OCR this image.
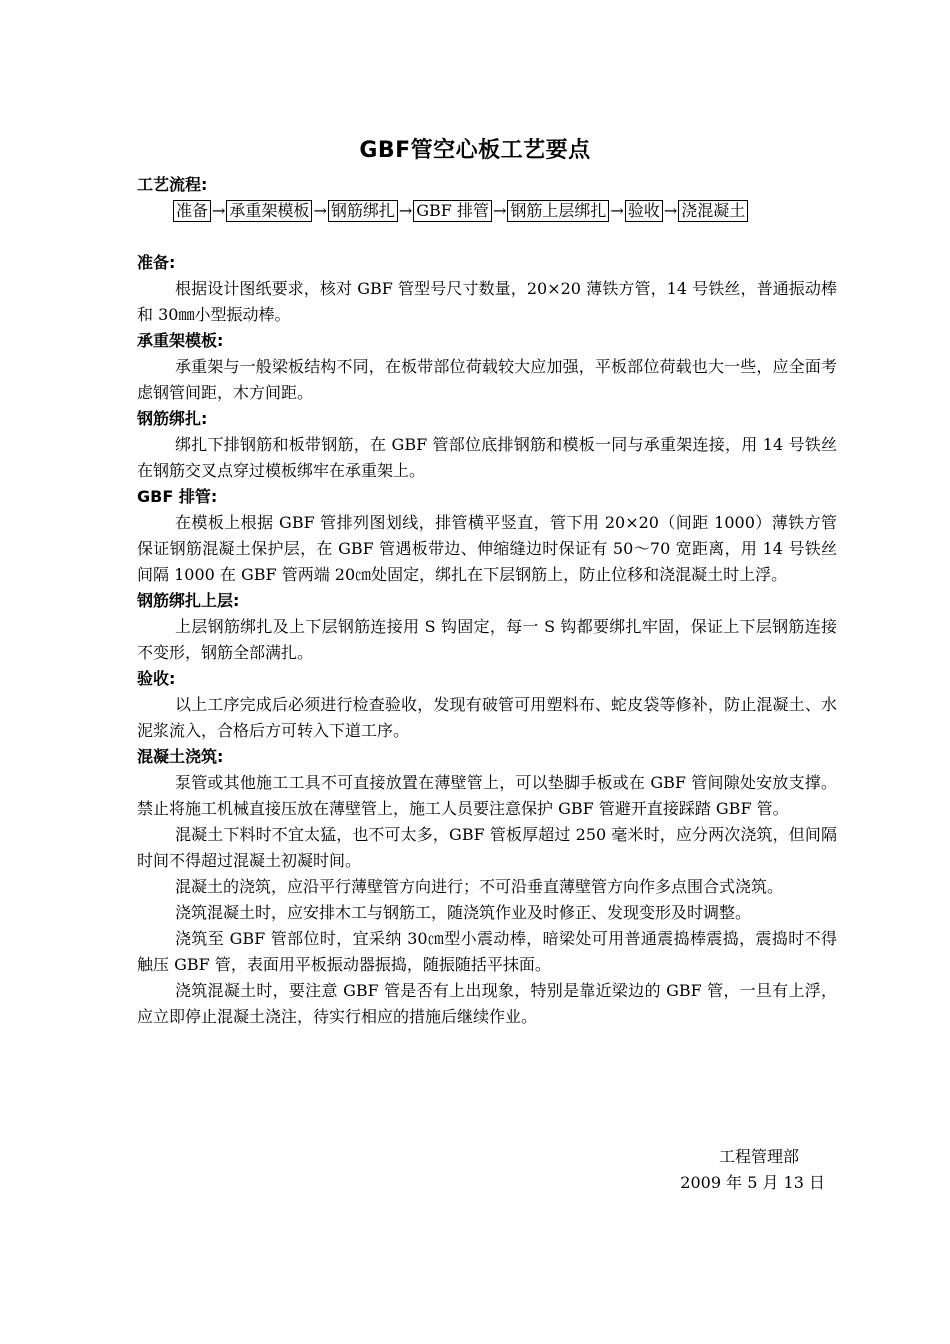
GBF管空心板工艺要点
工艺流程:
准备 → 承重架模板 → 钢筋绑扎 → GBF 排管 → 钢筋上层绑扎 → 验收 → 浇混凝土
准备:

根据设计图纸要求，核对 GBF 管型号尺寸数量，20×20 薄铁方管，14 号铁丝，普通振动棒和 30㎜小型振动棒。

承重架模板:

承重架与一般梁板结构不同，在板带部位荷载较大应加强，平板部位荷载也大一些，应全面考虑钢管间距，木方间距。

钢筋绑扎:

绑扎下排钢筋和板带钢筋，在 GBF 管部位底排钢筋和模板一同与承重架连接，用 14 号铁丝在钢筋交叉点穿过模板绑牢在承重架上。

GBF 排管:

在模板上根据 GBF 管排列图划线，排管横平竖直，管下用 20×20（间距 1000）薄铁方管保证钢筋混凝土保护层，在 GBF 管遇板带边、伸缩缝边时保证有 50～70 宽距离，用 14 号铁丝间隔 1000 在 GBF 管两端 20㎝处固定，绑扎在下层钢筋上，防止位移和浇混凝土时上浮。

钢筋绑扎上层:

上层钢筋绑扎及上下层钢筋连接用 S 钩固定，每一 S 钩都要绑扎牢固，保证上下层钢筋连接不变形，钢筋全部满扎。

验收:

以上工序完成后必须进行检查验收，发现有破管可用塑料布、蛇皮袋等修补，防止混凝土、水泥浆流入，合格后方可转入下道工序。

混凝土浇筑:

泵管或其他施工工具不可直接放置在薄壁管上，可以垫脚手板或在 GBF 管间隙处安放支撑。禁止将施工机械直接压放在薄壁管上，施工人员要注意保护 GBF 管避开直接踩踏 GBF 管。

混凝土下料时不宜太猛，也不可太多，GBF 管板厚超过 250 毫米时，应分两次浇筑，但间隔时间不得超过混凝土初凝时间。

混凝土的浇筑，应沿平行薄壁管方向进行；不可沿垂直薄壁管方向作多点围合式浇筑。

浇筑混凝土时，应安排木工与钢筋工，随浇筑作业及时修正、发现变形及时调整。

浇筑至 GBF 管部位时，宜采纳 30㎝型小震动棒，暗梁处可用普通震捣棒震捣，震捣时不得触压 GBF 管，表面用平板振动器振捣，随振随括平抹面。

浇筑混凝土时，要注意 GBF 管是否有上出现象，特别是靠近梁边的 GBF 管，一旦有上浮，应立即停止混凝土浇注，待实行相应的措施后继续作业。

工程管理部
2009 年 5 月 13 日
